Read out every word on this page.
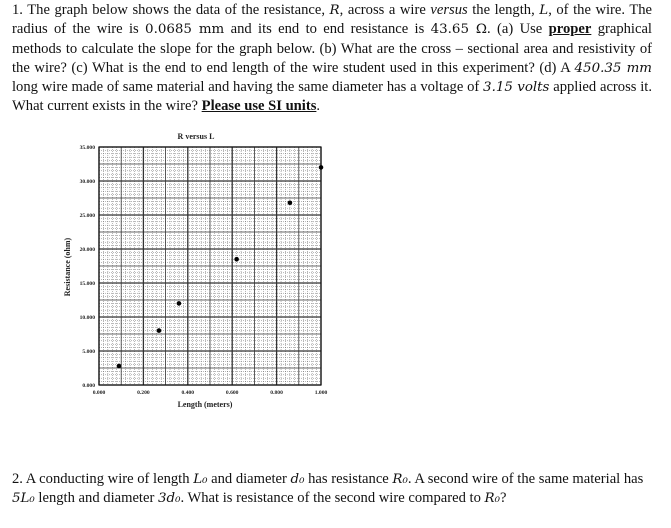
1. The graph below shows the data of the resistance, R, across a wire versus the length, L, of the wire. The radius of the wire is 0.0685 mm and its end to end resistance is 43.65 Ω. (a) Use proper graphical methods to calculate the slope for the graph below. (b) What are the cross – sectional area and resistivity of the wire? (c) What is the end to end length of the wire student used in this experiment? (d) A 450.35 mm long wire made of same material and having the same diameter has a voltage of 3.15 volts applied across it. What current exists in the wire? Please use SI units.
R versus L
0.000	0.200	0.400	0.600	0.800	1.000
0.000
5.000
10.000
15.000
20.000
25.000
30.000
35.000
Length (meters)
Resistance (ohm)
2. A conducting wire of length L₀ and diameter d₀ has resistance R₀. A second wire of the same material has 5L₀ length and diameter 3d₀. What is resistance of the second wire compared to R₀?
